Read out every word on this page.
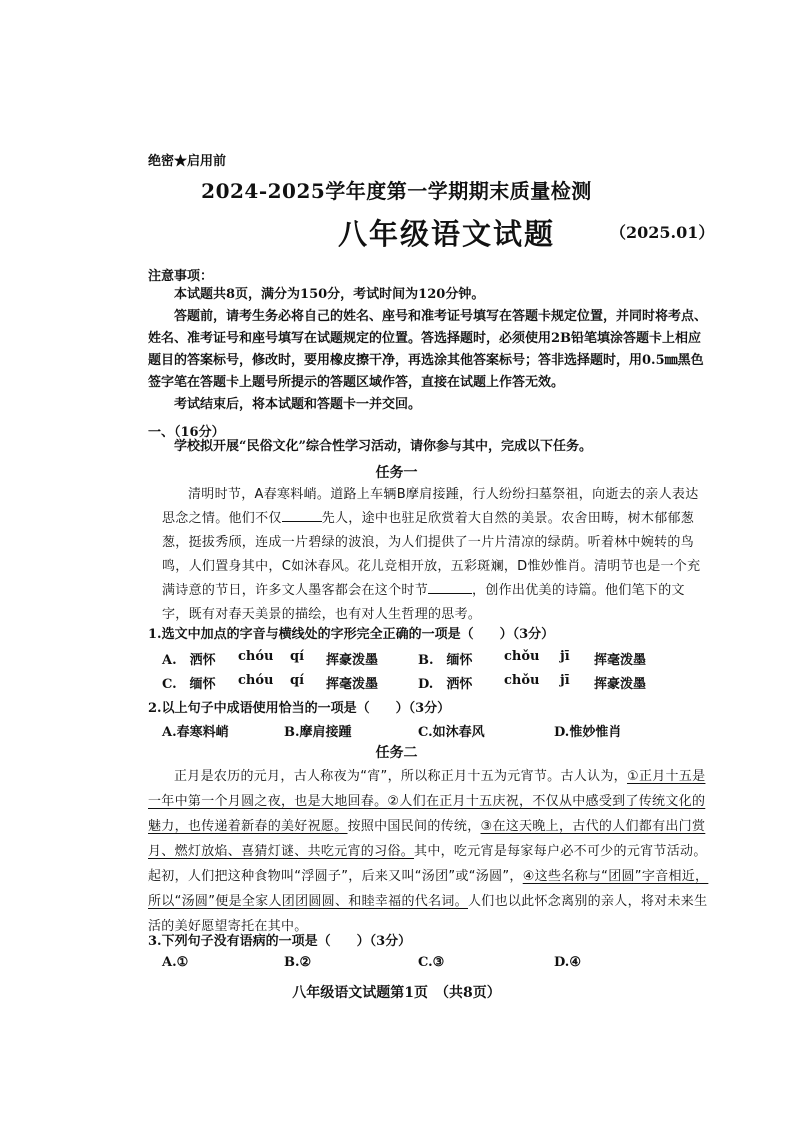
绝密★启用前
2024-2025学年度第一学期期末质量检测
八年级语文试题	（2025.01）
注意事项：
本试题共8页，满分为150分，考试时间为120分钟。
答题前，请考生务必将自己的姓名、座号和准考证号填写在答题卡规定位置，并同时将考点、姓名、准考证号和座号填写在试题规定的位置。答选择题时，必须使用2B铅笔填涂答题卡上相应题目的答案标号，修改时，要用橡皮擦干净，再选涂其他答案标号；答非选择题时，用0.5㎜黑色签字笔在答题卡上题号所提示的答题区域作答，直接在试题上作答无效。
考试结束后，将本试题和答题卡一并交回。
一、（16分）
学校拟开展“民俗文化”综合性学习活动，请你参与其中，完成以下任务。
任务一
清明时节，A春寒料峭。道路上车辆B摩肩接踵，行人纷纷扫墓祭祖，向逝去的亲人表达思念之情。他们不仅	先人，途中也驻足欣赏着大自然的美景。农舍田畴，树木郁郁葱葱，挺拔秀颀，连成一片碧绿的波浪，为人们提供了一片片清凉的绿荫。听着林中婉转的鸟鸣，人们置身其中，C如沐春风。花儿竞相开放，五彩斑斓，D惟妙惟肖。清明节也是一个充满诗意的节日，许多文人墨客都会在这个时节	，创作出优美的诗篇。他们笔下的文字，既有对春天美景的描绘，也有对人生哲理的思考。
1.选文中加点的字音与横线处的字形完全正确的一项是（　　）（3分）
A.　洒怀 chóu qí 挥豪泼墨	B.　缅怀 chǒu jī 挥毫泼墨
C.　缅怀 chóu qí 挥毫泼墨	D.　洒怀 chǒu jī 挥豪泼墨
2.以上句子中成语使用恰当的一项是（　　）（3分）
A.春寒料峭	B.摩肩接踵	C.如沐春风	D.惟妙惟肖
任务二
正月是农历的元月，古人称夜为“宵”，所以称正月十五为元宵节。古人认为，①正月十五是一年中第一个月圆之夜，也是大地回春。②人们在正月十五庆祝，不仅从中感受到了传统文化的魅力，也传递着新春的美好祝愿。按照中国民间的传统，③在这天晚上，古代的人们都有出门赏月、燃灯放焰、喜猜灯谜、共吃元宵的习俗。其中，吃元宵是每家每户必不可少的元宵节活动。起初，人们把这种食物叫“浮圆子”，后来又叫“汤团”或“汤圆”，④这些名称与“团圆”字音相近，所以“汤圆”便是全家人团团圆圆、和睦幸福的代名词。人们也以此怀念离别的亲人，将对未来生活的美好愿望寄托在其中。
3.下列句子没有语病的一项是（　　）（3分）
A.①	B.②	C.③	D.④
八年级语文试题第1页　（共8页）
